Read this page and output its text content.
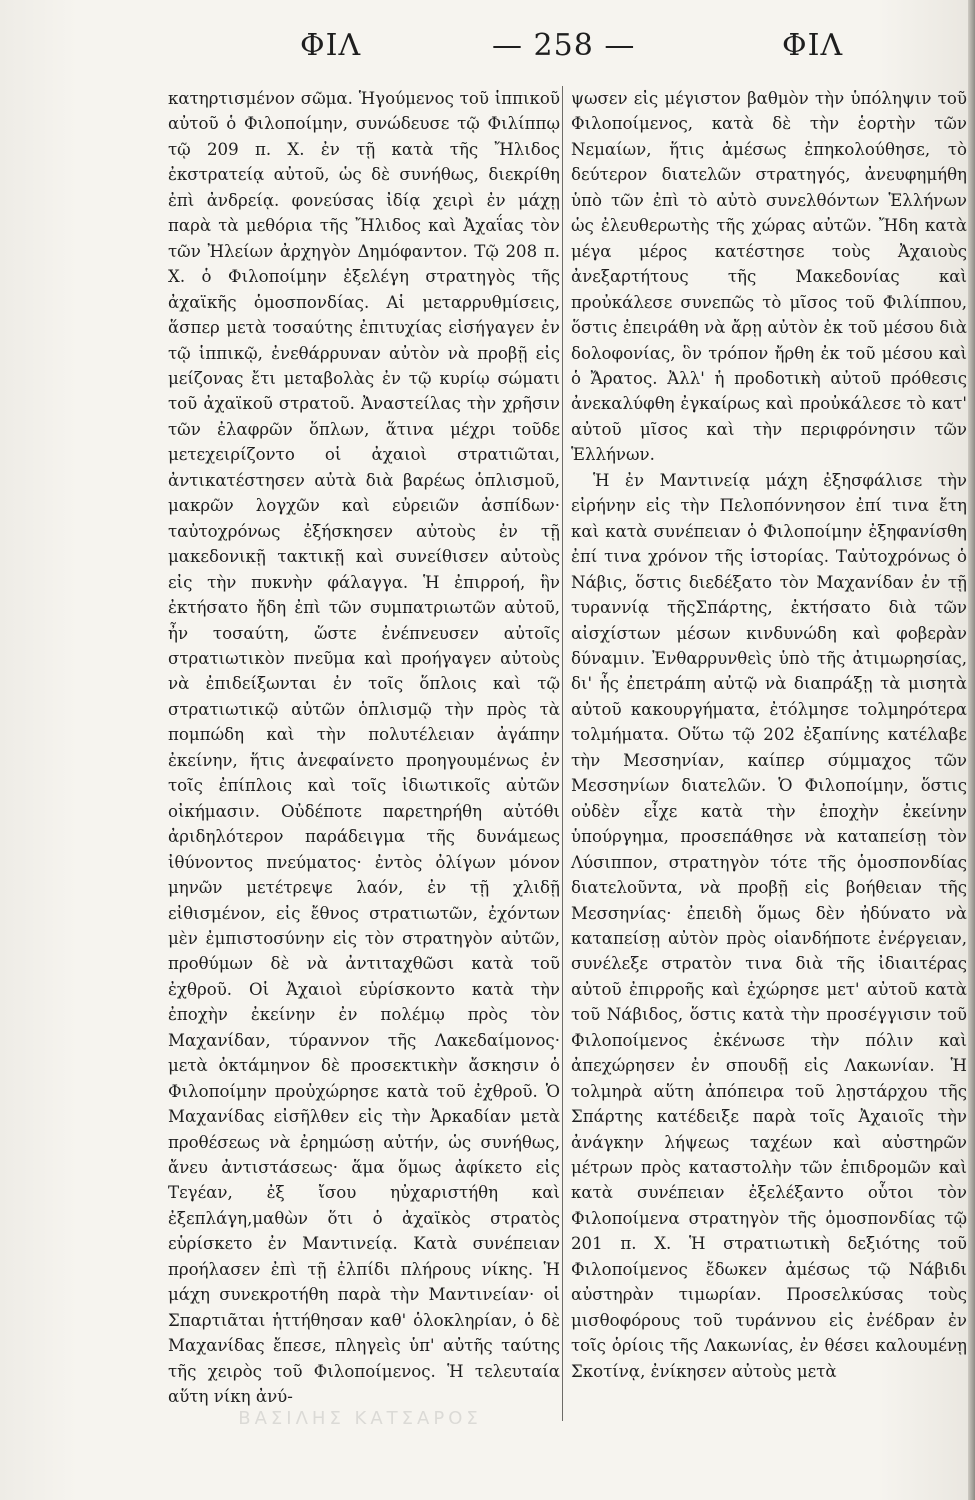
ΦΙΛ	— 258 —	ΦΙΛ

κατηρτισμένον σῶμα. Ἡγούμενος τοῦ ἱππικοῦ αὐτοῦ ὁ Φιλοποίμην, συνώδευσε τῷ Φιλίππῳ τῷ 209 π. Χ. ἐν τῇ κατὰ τῆς Ἤλιδος ἐκστρατείᾳ αὐτοῦ, ὡς δὲ συνήθως, διεκρίθη ἐπὶ ἀνδρείᾳ. φονεύσας ἰδίᾳ χειρὶ ἐν μάχῃ παρὰ τὰ μεθόρια τῆς Ἤλιδος καὶ Ἀχαΐας τὸν τῶν Ἠλείων ἀρχηγὸν Δημόφαντον. Τῷ 208 π. Χ. ὁ Φιλοποίμην ἐξελέγη στρατηγὸς τῆς ἀχαϊκῆς ὁμοσπονδίας. Αἱ μεταρρυθμίσεις, ἅσπερ μετὰ τοσαύτης ἐπιτυχίας εἰσήγαγεν ἐν τῷ ἱππικῷ, ἐνεθάρρυναν αὐτὸν νὰ προβῇ εἰς μείζονας ἔτι μεταβολὰς ἐν τῷ κυρίῳ σώματι τοῦ ἀχαϊκοῦ στρατοῦ. Ἀναστείλας τὴν χρῆσιν τῶν ἐλαφρῶν ὅπλων, ἅτινα μέχρι τοῦδε μετεχειρίζοντο οἱ ἀχαιοὶ στρατιῶται, ἀντικατέστησεν αὐτὰ διὰ βαρέως ὁπλισμοῦ, μακρῶν λογχῶν καὶ εὐρειῶν ἀσπίδων· ταὐτοχρόνως ἐξήσκησεν αὐτοὺς ἐν τῇ μακεδονικῇ τακτικῇ καὶ συνείθισεν αὐτοὺς εἰς τὴν πυκνὴν φάλαγγα. Ἡ ἐπιρροή, ἣν ἐκτήσατο ἤδη ἐπὶ τῶν συμπατριωτῶν αὐτοῦ, ἦν τοσαύτη, ὥστε ἐνέπνευσεν αὐτοῖς στρατιωτικὸν πνεῦμα καὶ προήγαγεν αὐτοὺς νὰ ἐπιδείξωνται ἐν τοῖς ὅπλοις καὶ τῷ στρατιωτικῷ αὐτῶν ὁπλισμῷ τὴν πρὸς τὰ πομπώδη καὶ τὴν πολυτέλειαν ἀγάπην ἐκείνην, ἥτις ἀνεφαίνετο προηγουμένως ἐν τοῖς ἐπίπλοις καὶ τοῖς ἰδιωτικοῖς αὐτῶν οἰκήμασιν. Οὐδέποτε παρετηρήθη αὐτόθι ἀριδηλότερον παράδειγμα τῆς δυνάμεως ἰθύνοντος πνεύματος· ἐντὸς ὀλίγων μόνον μηνῶν μετέτρεψε λαόν, ἐν τῇ χλιδῇ εἰθισμένον, εἰς ἔθνος στρατιωτῶν, ἐχόντων μὲν ἐμπιστοσύνην εἰς τὸν στρατηγὸν αὐτῶν, προθύμων δὲ νὰ ἀντιταχθῶσι κατὰ τοῦ ἐχθροῦ. Οἱ Ἀχαιοὶ εὑρίσκοντο κατὰ τὴν ἐποχὴν ἐκείνην ἐν πολέμῳ πρὸς τὸν Μαχανίδαν, τύραννον τῆς Λακεδαίμονος· μετὰ ὀκτάμηνον δὲ προσεκτικὴν ἄσκησιν ὁ Φιλοποίμην προὐχώρησε κατὰ τοῦ ἐχθροῦ. Ὁ Μαχανίδας εἰσῆλθεν εἰς τὴν Ἀρκαδίαν μετὰ προθέσεως νὰ ἐρημώσῃ αὐτήν, ὡς συνήθως, ἄνευ ἀντιστάσεως· ἅμα ὅμως ἀφίκετο εἰς Τεγέαν, ἐξ ἴσου ηὐχαριστήθη καὶ ἐξεπλάγη,μαθὼν ὅτι ὁ ἀχαϊκὸς στρατὸς εὑρίσκετο ἐν Μαντινείᾳ. Κατὰ συνέπειαν προήλασεν ἐπὶ τῇ ἐλπίδι πλήρους νίκης. Ἡ μάχη συνεκροτήθη παρὰ τὴν Μαντινείαν· οἱ Σπαρτιᾶται ἡττήθησαν καθ' ὁλοκληρίαν, ὁ δὲ Μαχανίδας ἔπεσε, πληγεὶς ὑπ' αὐτῆς ταύτης τῆς χειρὸς τοῦ Φιλοποίμενος. Ἡ τελευταία αὕτη νίκη ἀνύ-

ψωσεν εἰς μέγιστον βαθμὸν τὴν ὑπόληψιν τοῦ Φιλοποίμενος, κατὰ δὲ τὴν ἑορτὴν τῶν Νεμαίων, ἥτις ἀμέσως ἐπηκολούθησε, τὸ δεύτερον διατελῶν στρατηγός, ἀνευφημήθη ὑπὸ τῶν ἐπὶ τὸ αὐτὸ συνελθόντων Ἑλλήνων ὡς ἐλευθερωτὴς τῆς χώρας αὐτῶν. Ἤδη κατὰ μέγα μέρος κατέστησε τοὺς Ἀχαιοὺς ἀνεξαρτήτους τῆς Μακεδονίας καὶ προὐκάλεσε συνεπῶς τὸ μῖσος τοῦ Φιλίππου, ὅστις ἐπειράθη νὰ ἄρῃ αὐτὸν ἐκ τοῦ μέσου διὰ δολοφονίας, ὃν τρόπον ἤρθη ἐκ τοῦ μέσου καὶ ὁ Ἄρατος. Ἀλλ' ἡ προδοτικὴ αὐτοῦ πρόθεσις ἀνεκαλύφθη ἐγκαίρως καὶ προὐκάλεσε τὸ κατ' αὐτοῦ μῖσος καὶ τὴν περιφρόνησιν τῶν Ἑλλήνων.

Ἡ ἐν Μαντινείᾳ μάχη ἐξησφάλισε τὴν εἰρήνην εἰς τὴν Πελοπόννησον ἐπί τινα ἔτη καὶ κατὰ συνέπειαν ὁ Φιλοποίμην ἐξηφανίσθη ἐπί τινα χρόνον τῆς ἱστορίας. Ταὐτοχρόνως ὁ Νάβις, ὅστις διεδέξατο τὸν Μαχανίδαν ἐν τῇ τυραννίᾳ τῆςΣπάρτης, ἐκτήσατο διὰ τῶν αἰσχίστων μέσων κινδυνώδη καὶ φοβερὰν δύναμιν. Ἐνθαρρυνθεὶς ὑπὸ τῆς ἀτιμωρησίας, δι' ἧς ἐπετράπη αὐτῷ νὰ διαπράξῃ τὰ μισητὰ αὐτοῦ κακουργήματα, ἐτόλμησε τολμηρότερα τολμήματα. Οὕτω τῷ 202 ἐξαπίνης κατέλαβε τὴν Μεσσηνίαν, καίπερ σύμμαχος τῶν Μεσσηνίων διατελῶν. Ὁ Φιλοποίμην, ὅστις οὐδὲν εἶχε κατὰ τὴν ἐποχὴν ἐκείνην ὑπούργημα, προσεπάθησε νὰ καταπείσῃ τὸν Λύσιππον, στρατηγὸν τότε τῆς ὁμοσπονδίας διατελοῦντα, νὰ προβῇ εἰς βοήθειαν τῆς Μεσσηνίας· ἐπειδὴ ὅμως δὲν ἠδύνατο νὰ καταπείσῃ αὐτὸν πρὸς οἱανδήποτε ἐνέργειαν, συνέλεξε στρατὸν τινα διὰ τῆς ἰδιαιτέρας αὐτοῦ ἐπιρροῆς καὶ ἐχώρησε μετ' αὐτοῦ κατὰ τοῦ Νάβιδος, ὅστις κατὰ τὴν προσέγγισιν τοῦ Φιλοποίμενος ἐκένωσε τὴν πόλιν καὶ ἀπεχώρησεν ἐν σπουδῇ εἰς Λακωνίαν. Ἡ τολμηρὰ αὕτη ἀπόπειρα τοῦ λῃστάρχου τῆς Σπάρτης κατέδειξε παρὰ τοῖς Ἀχαιοῖς τὴν ἀνάγκην λήψεως ταχέων καὶ αὐστηρῶν μέτρων πρὸς καταστολὴν τῶν ἐπιδρομῶν καὶ κατὰ συνέπειαν ἐξελέξαντο οὗτοι τὸν Φιλοποίμενα στρατηγὸν τῆς ὁμοσπονδίας τῷ 201 π. Χ. Ἡ στρατιωτικὴ δεξιότης τοῦ Φιλοποίμενος ἔδωκεν ἀμέσως τῷ Νάβιδι αὐστηρὰν τιμωρίαν. Προσελκύσας τοὺς μισθοφόρους τοῦ τυράννου εἰς ἐνέδραν ἐν τοῖς ὁρίοις τῆς Λακωνίας, ἐν θέσει καλουμένῃ Σκοτίνᾳ, ἐνίκησεν αὐτοὺς μετὰ

ΒΑΣΙΛΗΣ ΚΑΤΣΑΡΟΣ
